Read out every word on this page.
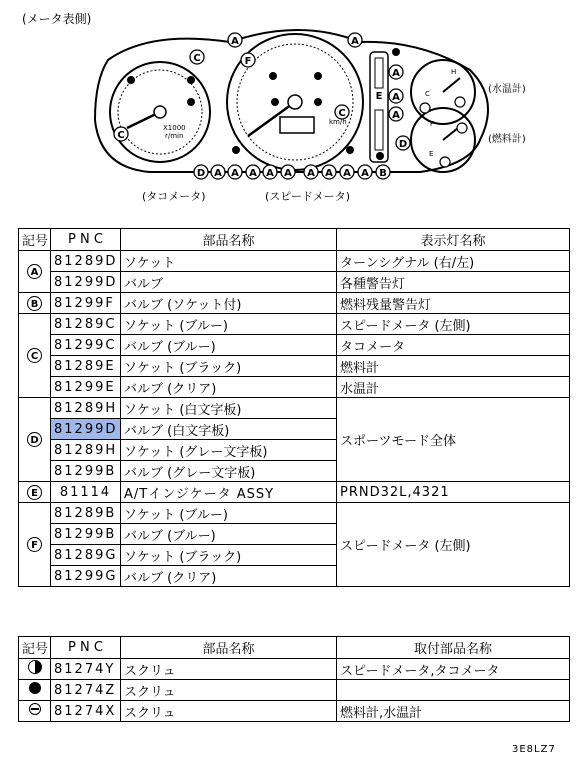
A	A
F
C
C
C
A
A
A
D
D A A A A A A A A A B
E
(メータ表側)
(タコメータ)	(スピードメータ)
(水温計)
(燃料計)
X1000
r/min
km/h
H
C
F
E
記号	P N C	部品名称	表示灯名称
A	81289D	ソケット	ターンシグナル (右/左)
	81299D	バルブ	各種警告灯
B	81299F	バルブ (ソケット付)	燃料残量警告灯
C	81289C	ソケット (ブルー)	スピードメータ (左側)
	81299C	バルブ (ブルー)	タコメータ
	81289E	ソケット (ブラック)	燃料計
	81299E	バルブ (クリア)	水温計
D	81289H	ソケット (白文字板)	スポーツモード全体
	81299D	バルブ (白文字板)	
	81289H	ソケット (グレー文字板)	
	81299B	バルブ (グレー文字板)	
E	81114	A/Tインジケータ ASSY	PRND32L,4321
F	81289B	ソケット (ブルー)	スピードメータ (左側)
	81299B	バルブ (ブルー)	
	81289G	ソケット (ブラック)	
	81299G	バルブ (クリア)	
記号	P N C	部品名称	取付部品名称
	81274Y	スクリュ	スピードメータ,タコメータ
	81274Z	スクリュ	
	81274X	スクリュ	燃料計,水温計
3E8LZ7
